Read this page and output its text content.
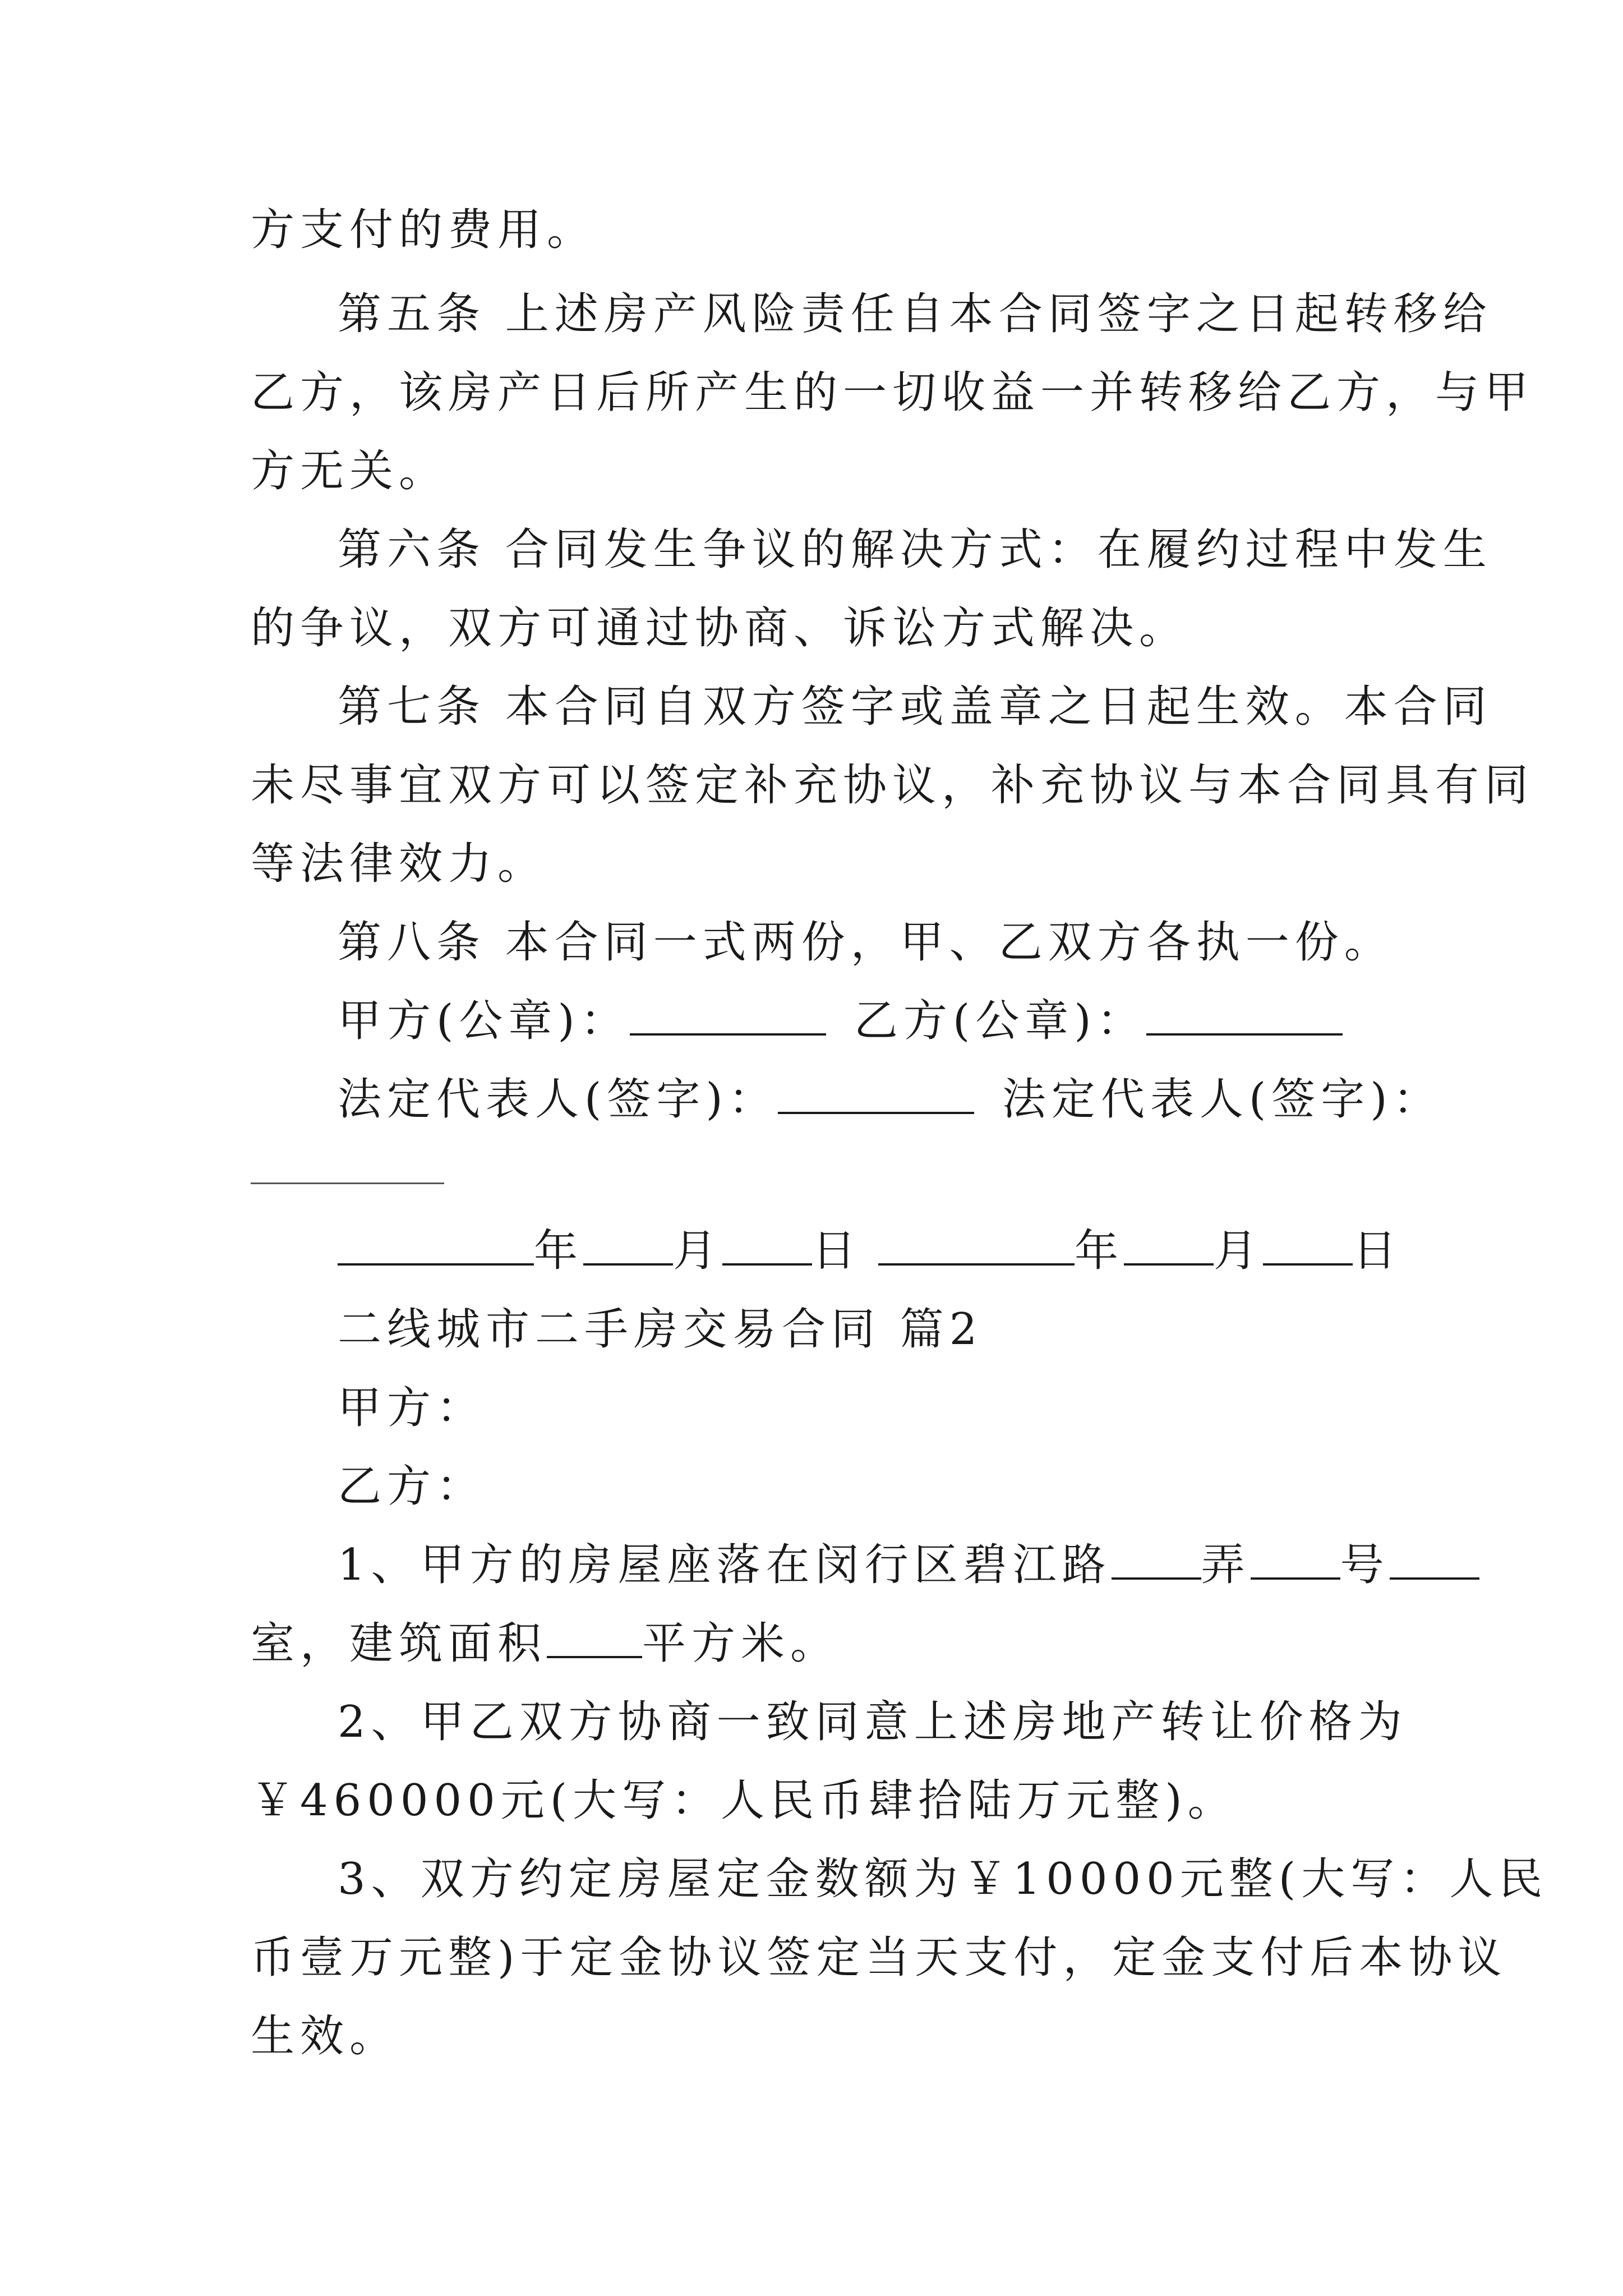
方支付的费用。
第五条 上述房产风险责任自本合同签字之日起转移给
乙方，该房产日后所产生的一切收益一并转移给乙方，与甲
方无关。
第六条 合同发生争议的解决方式：在履约过程中发生
的争议，双方可通过协商、诉讼方式解决。
第七条 本合同自双方签字或盖章之日起生效。本合同
未尽事宜双方可以签定补充协议，补充协议与本合同具有同
等法律效力。
第八条 本合同一式两份，甲、乙双方各执一份。
甲方(公章)：	乙方(公章)：
法定代表人(签字)：	法定代表人(签字)：
年 月 日	年 月 日
二线城市二手房交易合同 篇2
甲方：
乙方：
1、甲方的房屋座落在闵行区碧江路 弄 号
室，建筑面积 平方米。
2、甲乙双方协商一致同意上述房地产转让价格为
￥460000元(大写：人民币肆拾陆万元整)。
3、双方约定房屋定金数额为￥10000元整(大写：人民
币壹万元整)于定金协议签定当天支付，定金支付后本协议
生效。
